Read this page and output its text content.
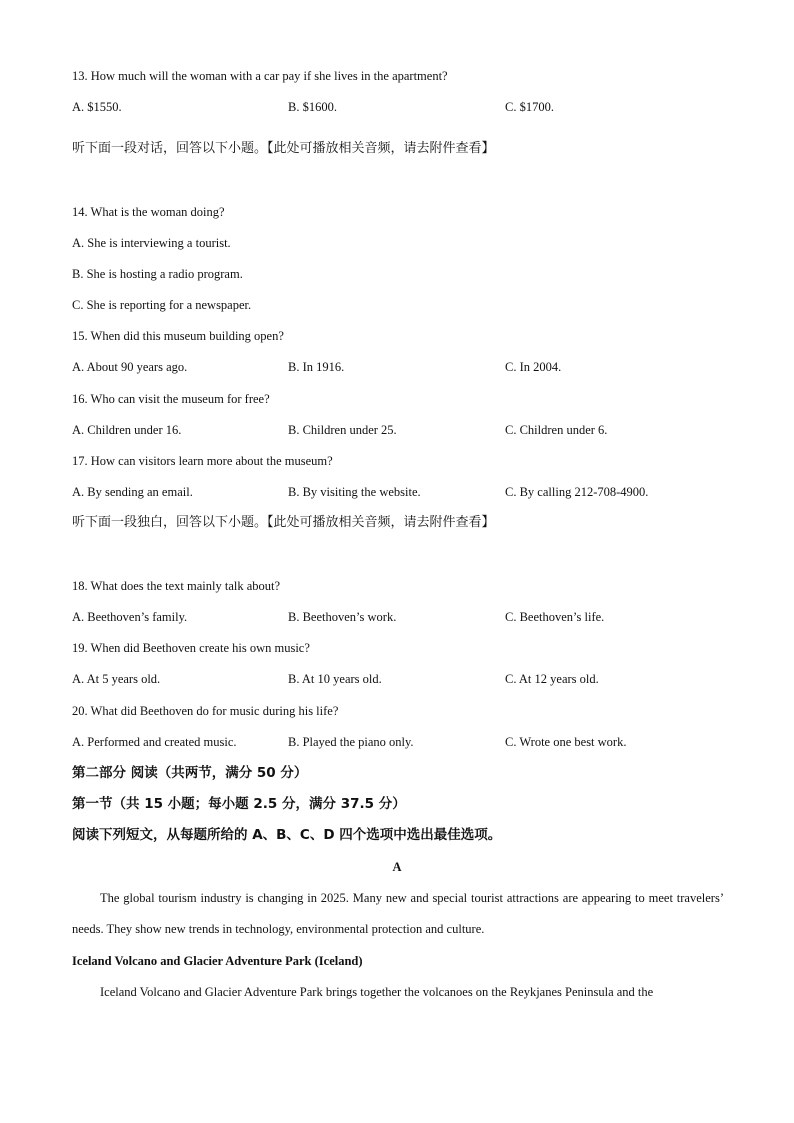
13. How much will the woman with a car pay if she lives in the apartment?
A. $1550.	B. $1600.	C. $1700.
听下面一段对话，回答以下小题。【此处可播放相关音频，请去附件查看】
14. What is the woman doing?
A. She is interviewing a tourist.
B. She is hosting a radio program.
C. She is reporting for a newspaper.
15. When did this museum building open?
A. About 90 years ago.	B. In 1916.	C. In 2004.
16. Who can visit the museum for free?
A. Children under 16.	B. Children under 25.	C. Children under 6.
17. How can visitors learn more about the museum?
A. By sending an email.	B. By visiting the website.	C. By calling 212-708-4900.
听下面一段独白，回答以下小题。【此处可播放相关音频，请去附件查看】
18. What does the text mainly talk about?
A. Beethoven’s family.	B. Beethoven’s work.	C. Beethoven’s life.
19. When did Beethoven create his own music?
A. At 5 years old.	B. At 10 years old.	C. At 12 years old.
20. What did Beethoven do for music during his life?
A. Performed and created music.	B. Played the piano only.	C. Wrote one best work.
第二部分 阅读（共两节，满分 50 分）
第一节（共 15 小题；每小题 2.5 分，满分 37.5 分）
阅读下列短文，从每题所给的 A、B、C、D 四个选项中选出最佳选项。
A
The global tourism industry is changing in 2025. Many new and special tourist attractions are appearing to meet travelers’ needs. They show new trends in technology, environmental protection and culture.
Iceland Volcano and Glacier Adventure Park (Iceland)
Iceland Volcano and Glacier Adventure Park brings together the volcanoes on the Reykjanes Peninsula and the
